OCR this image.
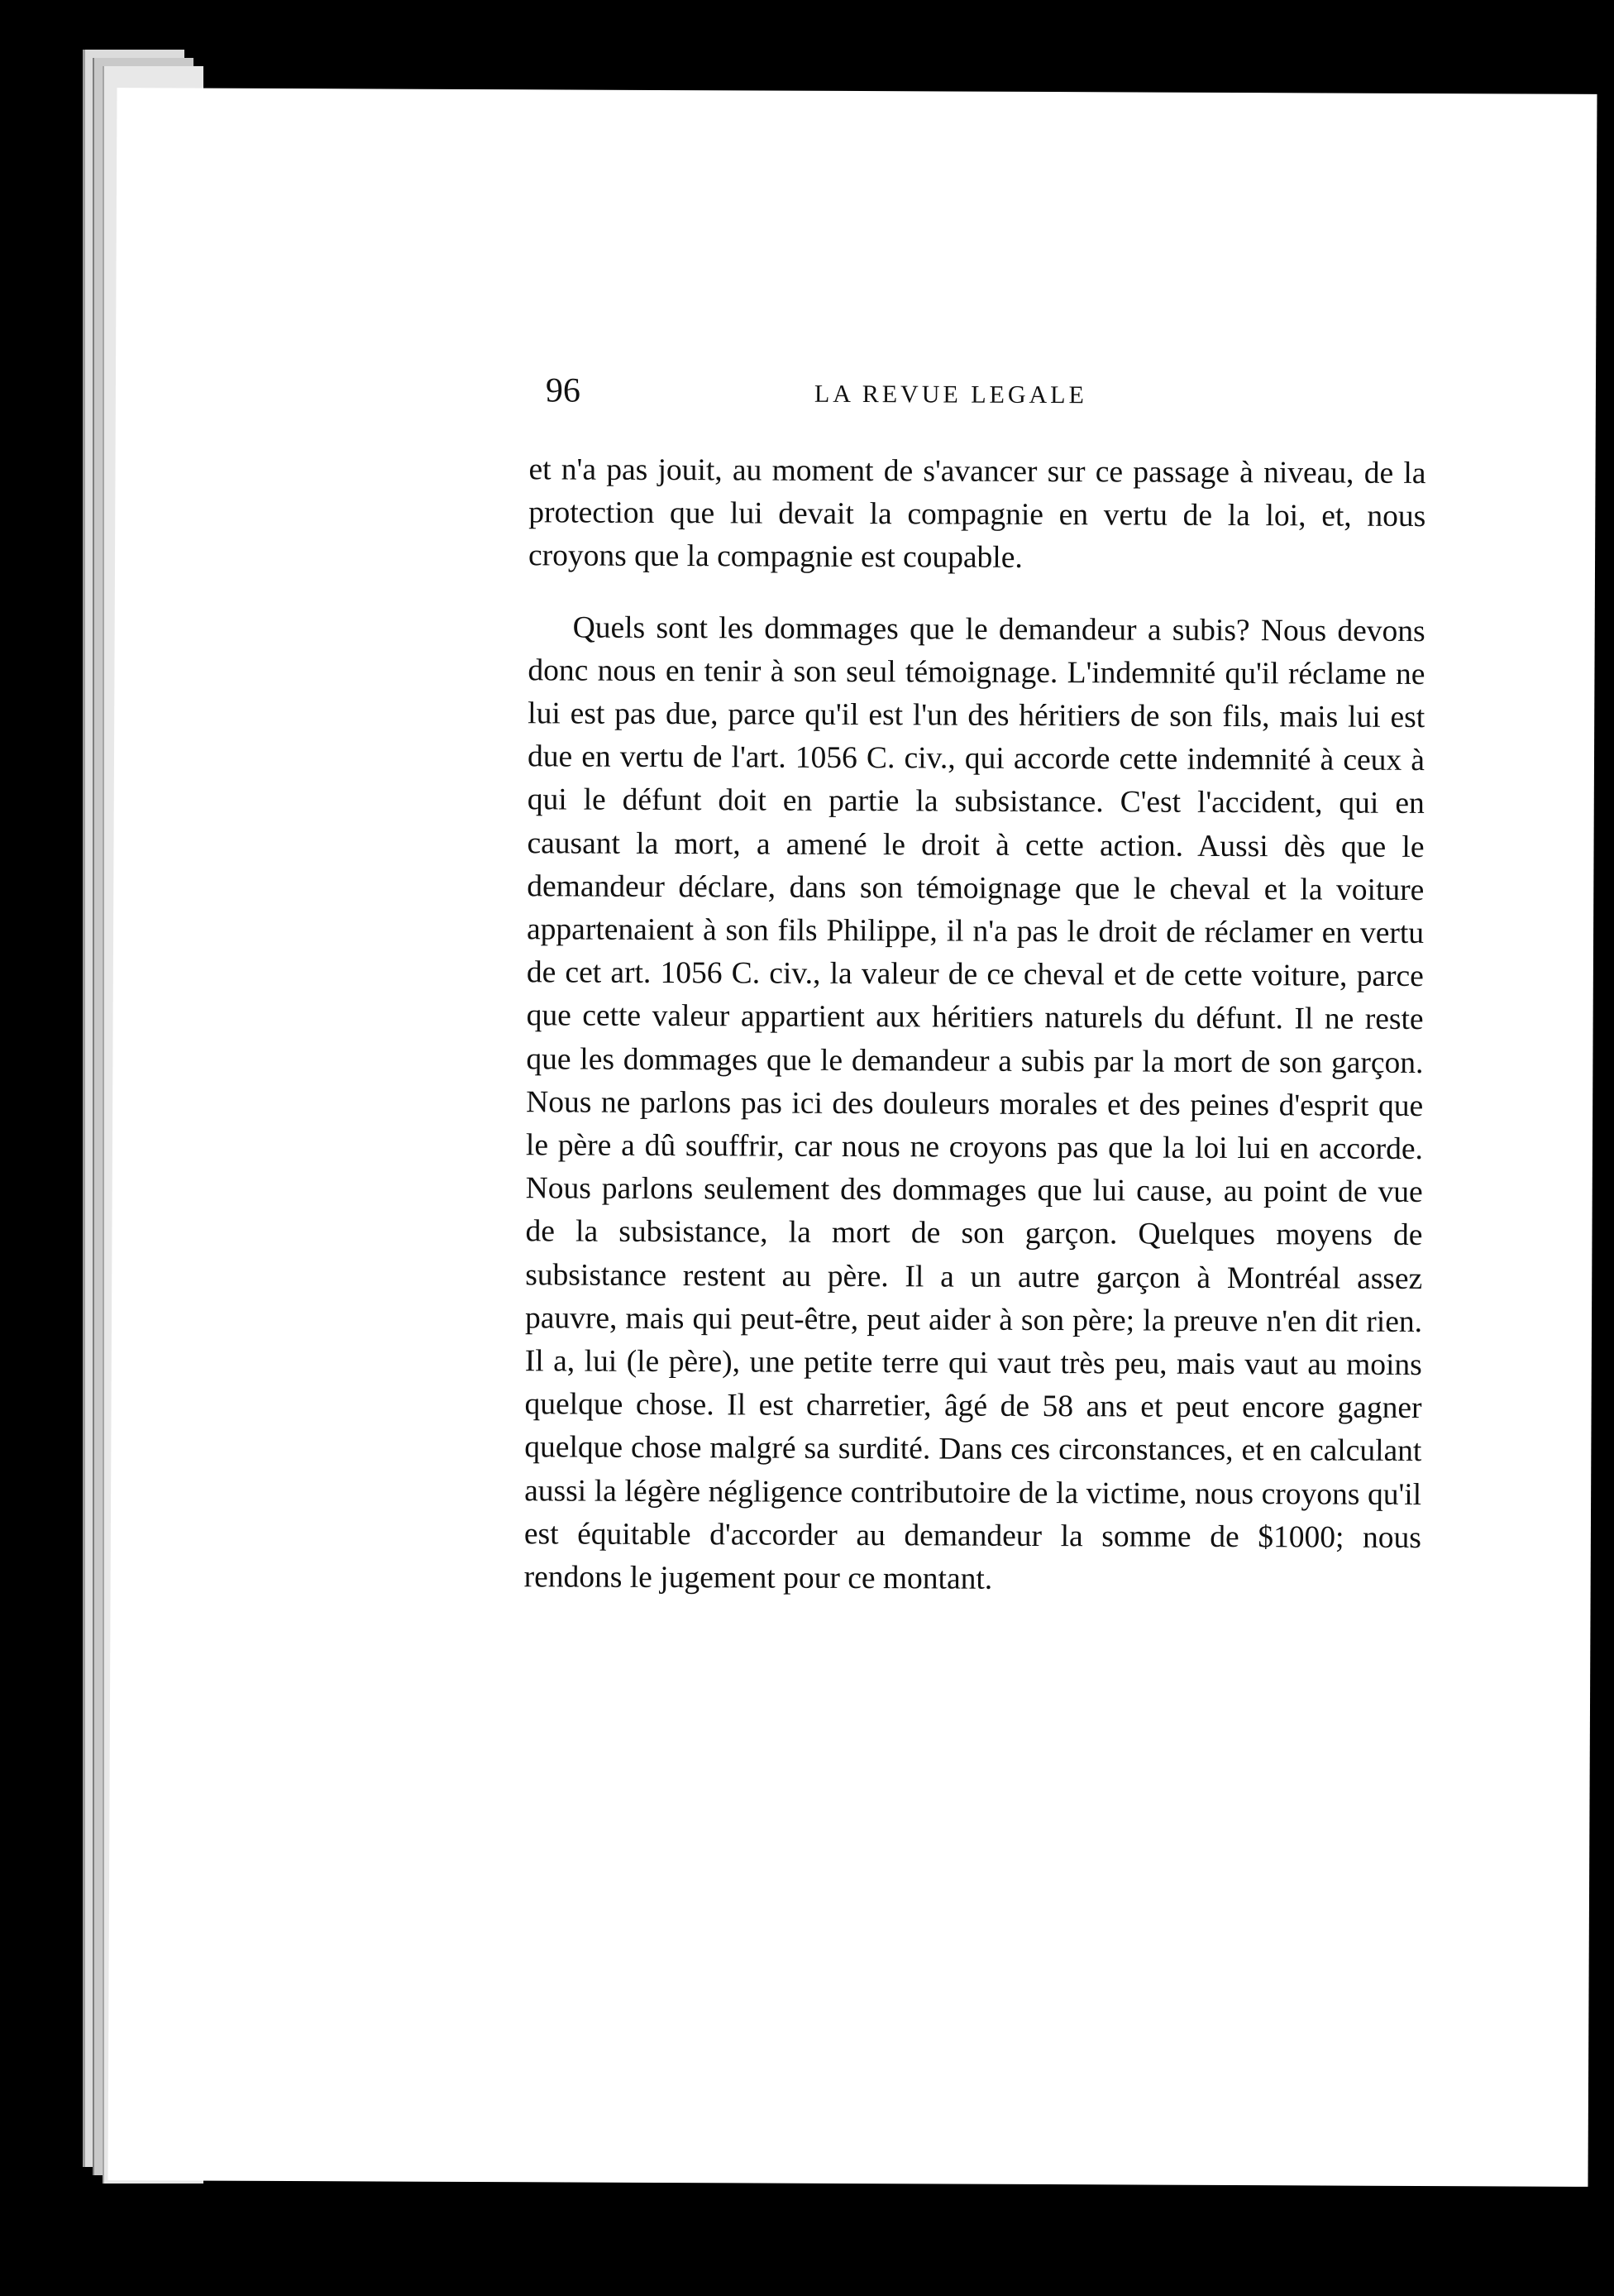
96	LA REVUE LEGALE

et n'a pas jouit, au moment de s'avancer sur ce passage à niveau, de la protection que lui devait la compagnie en vertu de la loi, et, nous croyons que la compagnie est coupable.

Quels sont les dommages que le demandeur a subis? Nous devons donc nous en tenir à son seul témoignage. L'indemnité qu'il réclame ne lui est pas due, parce qu'il est l'un des héritiers de son fils, mais lui est due en vertu de l'art. 1056 C. civ., qui accorde cette indemnité à ceux à qui le défunt doit en partie la subsistance. C'est l'accident, qui en causant la mort, a amené le droit à cette action. Aussi dès que le demandeur déclare, dans son témoignage que le cheval et la voiture appartenaient à son fils Philippe, il n'a pas le droit de réclamer en vertu de cet art. 1056 C. civ., la valeur de ce cheval et de cette voiture, parce que cette valeur appartient aux héritiers naturels du défunt. Il ne reste que les dommages que le demandeur a subis par la mort de son garçon. Nous ne parlons pas ici des douleurs morales et des peines d'esprit que le père a dû souffrir, car nous ne croyons pas que la loi lui en accorde. Nous parlons seulement des dommages que lui cause, au point de vue de la subsistance, la mort de son garçon. Quelques moyens de subsistance restent au père. Il a un autre garçon à Montréal assez pauvre, mais qui peut-être, peut aider à son père; la preuve n'en dit rien. Il a, lui (le père), une petite terre qui vaut très peu, mais vaut au moins quelque chose. Il est charretier, âgé de 58 ans et peut encore gagner quelque chose malgré sa surdité. Dans ces circonstances, et en calculant aussi la légère négligence contributoire de la victime, nous croyons qu'il est équitable d'accorder au demandeur la somme de $1000; nous rendons le jugement pour ce montant.
